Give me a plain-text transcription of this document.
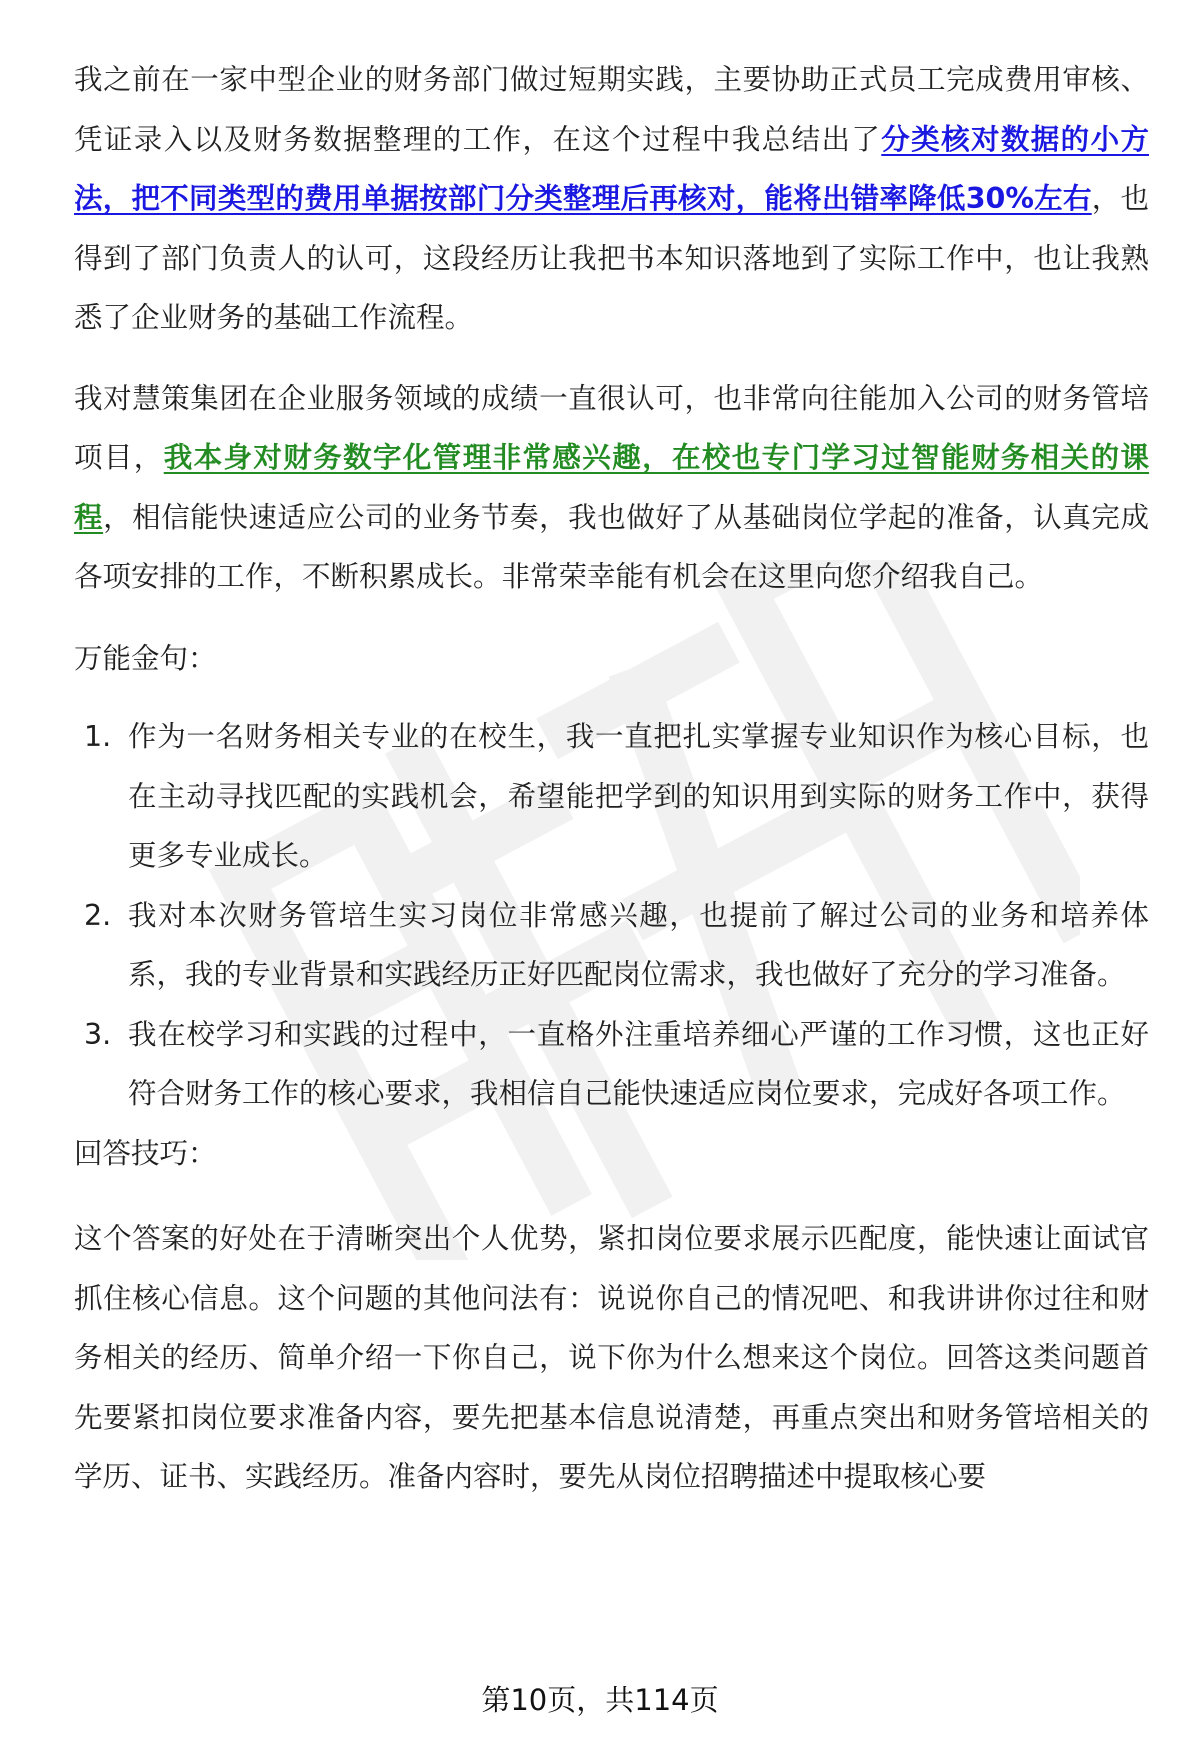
我之前在一家中型企业的财务部门做过短期实践，主要协助正式员工完成费用审核、凭证录入以及财务数据整理的工作，在这个过程中我总结出了分类核对数据的小方法，把不同类型的费用单据按部门分类整理后再核对，能将出错率降低30%左右，也得到了部门负责人的认可，这段经历让我把书本知识落地到了实际工作中，也让我熟悉了企业财务的基础工作流程。

我对慧策集团在企业服务领域的成绩一直很认可，也非常向往能加入公司的财务管培项目，我本身对财务数字化管理非常感兴趣，在校也专门学习过智能财务相关的课程，相信能快速适应公司的业务节奏，我也做好了从基础岗位学起的准备，认真完成各项安排的工作，不断积累成长。非常荣幸能有机会在这里向您介绍我自己。

万能金句：

1. 作为一名财务相关专业的在校生，我一直把扎实掌握专业知识作为核心目标，也在主动寻找匹配的实践机会，希望能把学到的知识用到实际的财务工作中，获得更多专业成长。
2. 我对本次财务管培生实习岗位非常感兴趣，也提前了解过公司的业务和培养体系，我的专业背景和实践经历正好匹配岗位需求，我也做好了充分的学习准备。
3. 我在校学习和实践的过程中，一直格外注重培养细心严谨的工作习惯，这也正好符合财务工作的核心要求，我相信自己能快速适应岗位要求，完成好各项工作。

回答技巧：

这个答案的好处在于清晰突出个人优势，紧扣岗位要求展示匹配度，能快速让面试官抓住核心信息。这个问题的其他问法有：说说你自己的情况吧、和我讲讲你过往和财务相关的经历、简单介绍一下你自己，说下你为什么想来这个岗位。回答这类问题首先要紧扣岗位要求准备内容，要先把基本信息说清楚，再重点突出和财务管培相关的学历、证书、实践经历。准备内容时，要先从岗位招聘描述中提取核心要

第10页，共114页
